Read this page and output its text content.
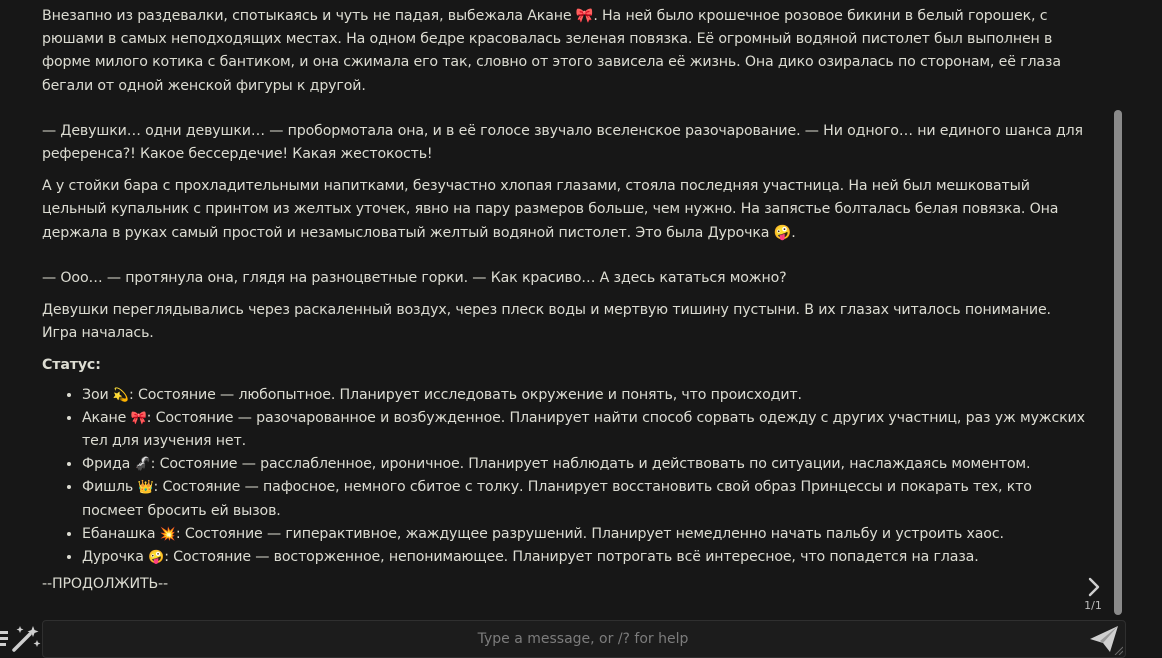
Внезапно из раздевалки, спотыкаясь и чуть не падая, выбежала Акане 🎀. На ней было крошечное розовое бикини в белый горошек, с рюшами в самых неподходящих местах. На одном бедре красовалась зеленая повязка. Её огромный водяной пистолет был выполнен в форме милого котика с бантиком, и она сжимала его так, словно от этого зависела её жизнь. Она дико озиралась по сторонам, её глаза бегали от одной женской фигуры к другой.

— Девушки… одни девушки… — пробормотала она, и в её голосе звучало вселенское разочарование. — Ни одного… ни единого шанса для референса?! Какое бессердечие! Какая жестокость!

А у стойки бара с прохладительными напитками, безучастно хлопая глазами, стояла последняя участница. На ней был мешковатый цельный купальник с принтом из желтых уточек, явно на пару размеров больше, чем нужно. На запястье болталась белая повязка. Она держала в руках самый простой и незамысловатый желтый водяной пистолет. Это была Дурочка 🤪.

— Ооо… — протянула она, глядя на разноцветные горки. — Как красиво… А здесь кататься можно?

Девушки переглядывались через раскаленный воздух, через плеск воды и мертвую тишину пустыни. В их глазах читалось понимание. Игра началась.

Статус:

• Зои 💫: Состояние — любопытное. Планирует исследовать окружение и понять, что происходит.
• Акане 🎀: Состояние — разочарованное и возбужденное. Планирует найти способ сорвать одежду с других участниц, раз уж мужских тел для изучения нет.
• Фрида 🦨: Состояние — расслабленное, ироничное. Планирует наблюдать и действовать по ситуации, наслаждаясь моментом.
• Фишль 👑: Состояние — пафосное, немного сбитое с толку. Планирует восстановить свой образ Принцессы и покарать тех, кто посмеет бросить ей вызов.
• Ебанашка 💥: Состояние — гиперактивное, жаждущее разрушений. Планирует немедленно начать пальбу и устроить хаос.
• Дурочка 🤪: Состояние — восторженное, непонимающее. Планирует потрогать всё интересное, что попадется на глаза.

--ПРОДОЛЖИТЬ--

1/1
Type a message, or /? for help
